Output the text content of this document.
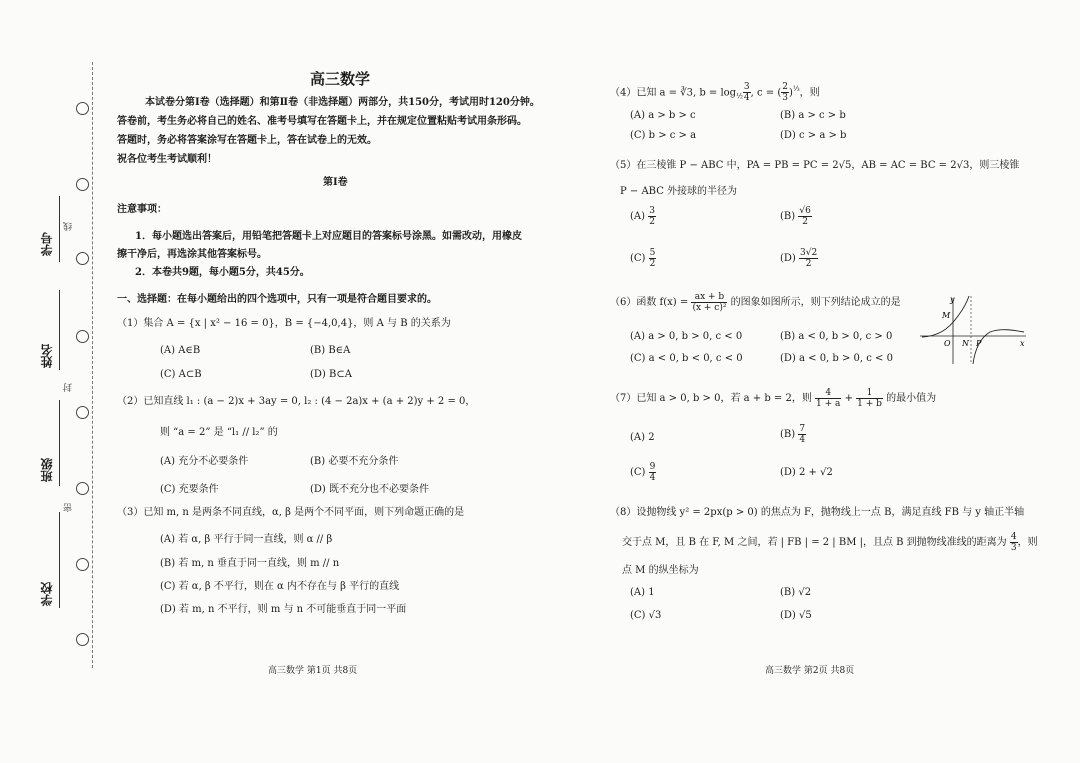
学号
姓名
班级
学校
线
封
密
高三数学
本试卷分第Ⅰ卷（选择题）和第Ⅱ卷（非选择题）两部分，共150分，考试用时120分钟。
答卷前，考生务必将自己的姓名、准考号填写在答题卡上，并在规定位置粘贴考试用条形码。
答题时，务必将答案涂写在答题卡上，答在试卷上的无效。
祝各位考生考试顺利！
第Ⅰ卷
注意事项：
1．每小题选出答案后，用铅笔把答题卡上对应题目的答案标号涂黑。如需改动，用橡皮
擦干净后，再选涂其他答案标号。
2．本卷共9题，每小题5分，共45分。
一、选择题：在每小题给出的四个选项中，只有一项是符合题目要求的。
（1）集合 A = {x | x² − 16 = 0}，B = {−4,0,4}，则 A 与 B 的关系为
(A) A∈B	(B) B∈A
(C) A⊂B	(D) B⊂A
（2）已知直线 l₁ : (a − 2)x + 3ay = 0, l₂ : (4 − 2a)x + (a + 2)y + 2 = 0，
则 “a = 2” 是 “l₁ // l₂” 的
(A) 充分不必要条件	(B) 必要不充分条件
(C) 充要条件	(D) 既不充分也不必要条件
（3）已知 m, n 是两条不同直线，α, β 是两个不同平面，则下列命题正确的是
(A) 若 α, β 平行于同一直线，则 α // β
(B) 若 m, n 垂直于同一直线，则 m // n
(C) 若 α, β 不平行，则在 α 内不存在与 β 平行的直线
(D) 若 m, n 不平行，则 m 与 n 不可能垂直于同一平面
高三数学 第1页 共8页
（4）已知 a = ∛3, $b = \log_{\frac{1}{2}} \frac{3}{4}$ , c = ( $\frac{2}{3} )^{\frac{1}{3}}$，则
(A) a > b > c	(B) a > c > b
(C) b > c > a	(D) c > a > b
（5）在三棱锥 P − ABC 中，PA = PB = PC = 2√5，AB = AC = BC = 2√3，则三棱锥
P − ABC 外接球的半径为
$(A) \frac{3}{2}$	$(B) \frac{√6}{2}$
$(C) \frac{5}{2}$	$(D) \frac{3√2}{2}$
（6）函数 $f(x) = \frac{ax + b}{\text{(x + c)²}}$ 的图象如图所示，则下列结论成立的是
(A) a > 0, b > 0, c < 0	(B) a < 0, b > 0, c > 0
(C) a < 0, b < 0, c < 0	(D) a < 0, b > 0, c < 0
y
M
O N P	x
（7）已知 a > 0, b > 0，若 a + b = 2，则 $\frac{4}{1 + a} + \frac{1}{1 + b}$ 的最小值为
(A) 2	$(B) \frac{7}{4}$
$(C) \frac{9}{4}$	(D) 2 + √2
（8）设抛物线 y² = 2px(p > 0) 的焦点为 F，抛物线上一点 B，满足直线 FB 与 y 轴正半轴
交于点 M，且 B 在 F, M 之间，若 | FB | = 2 | BM |，且点 B 到抛物线准线的距离为 $\frac{4}{3}$ ，则
点 M 的纵坐标为
(A) 1	(B) √2
(C) √3	(D) √5
高三数学 第2页 共8页
